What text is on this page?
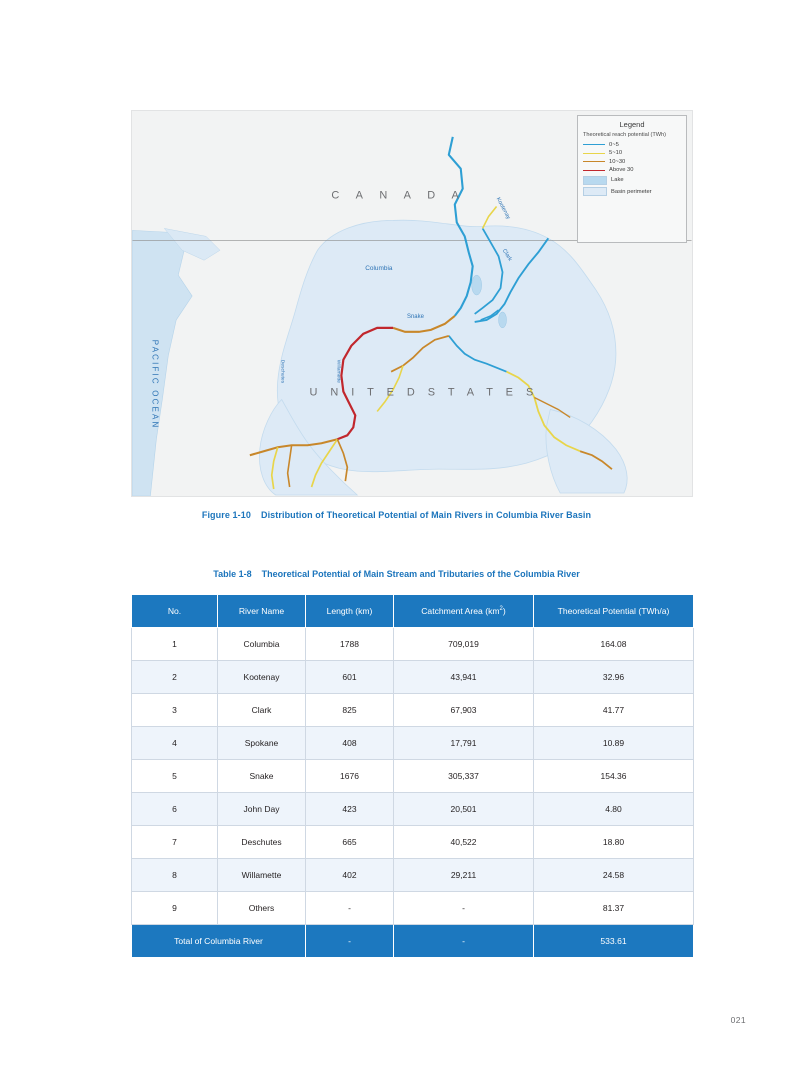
C A N A D A
U N I T E D S T A T E S
PACIFIC OCEAN
Columbia
Kootenay
Clark
Snake
Willamette
Deschutes
Legend
Theoretical reach potential (TWh)
0~5
5~10
10~30
Above 30
Lake
Basin perimeter
Figure 1-10 Distribution of Theoretical Potential of Main Rivers in Columbia River Basin
Table 1-8 Theoretical Potential of Main Stream and Tributaries of the Columbia River
No.	River Name	Length (km)	Catchment Area $(km^2)$	Theoretical Potential (TWh/a)
1	Columbia	1788	709,019	164.08
2	Kootenay	601	43,941	32.96
3	Clark	825	67,903	41.77
4	Spokane	408	17,791	10.89
5	Snake	1676	305,337	154.36
6	John Day	423	20,501	4.80
7	Deschutes	665	40,522	18.80
8	Willamette	402	29,211	24.58
9	Others	-	-	81.37
Total of Columbia River		-	-	533.61
021
